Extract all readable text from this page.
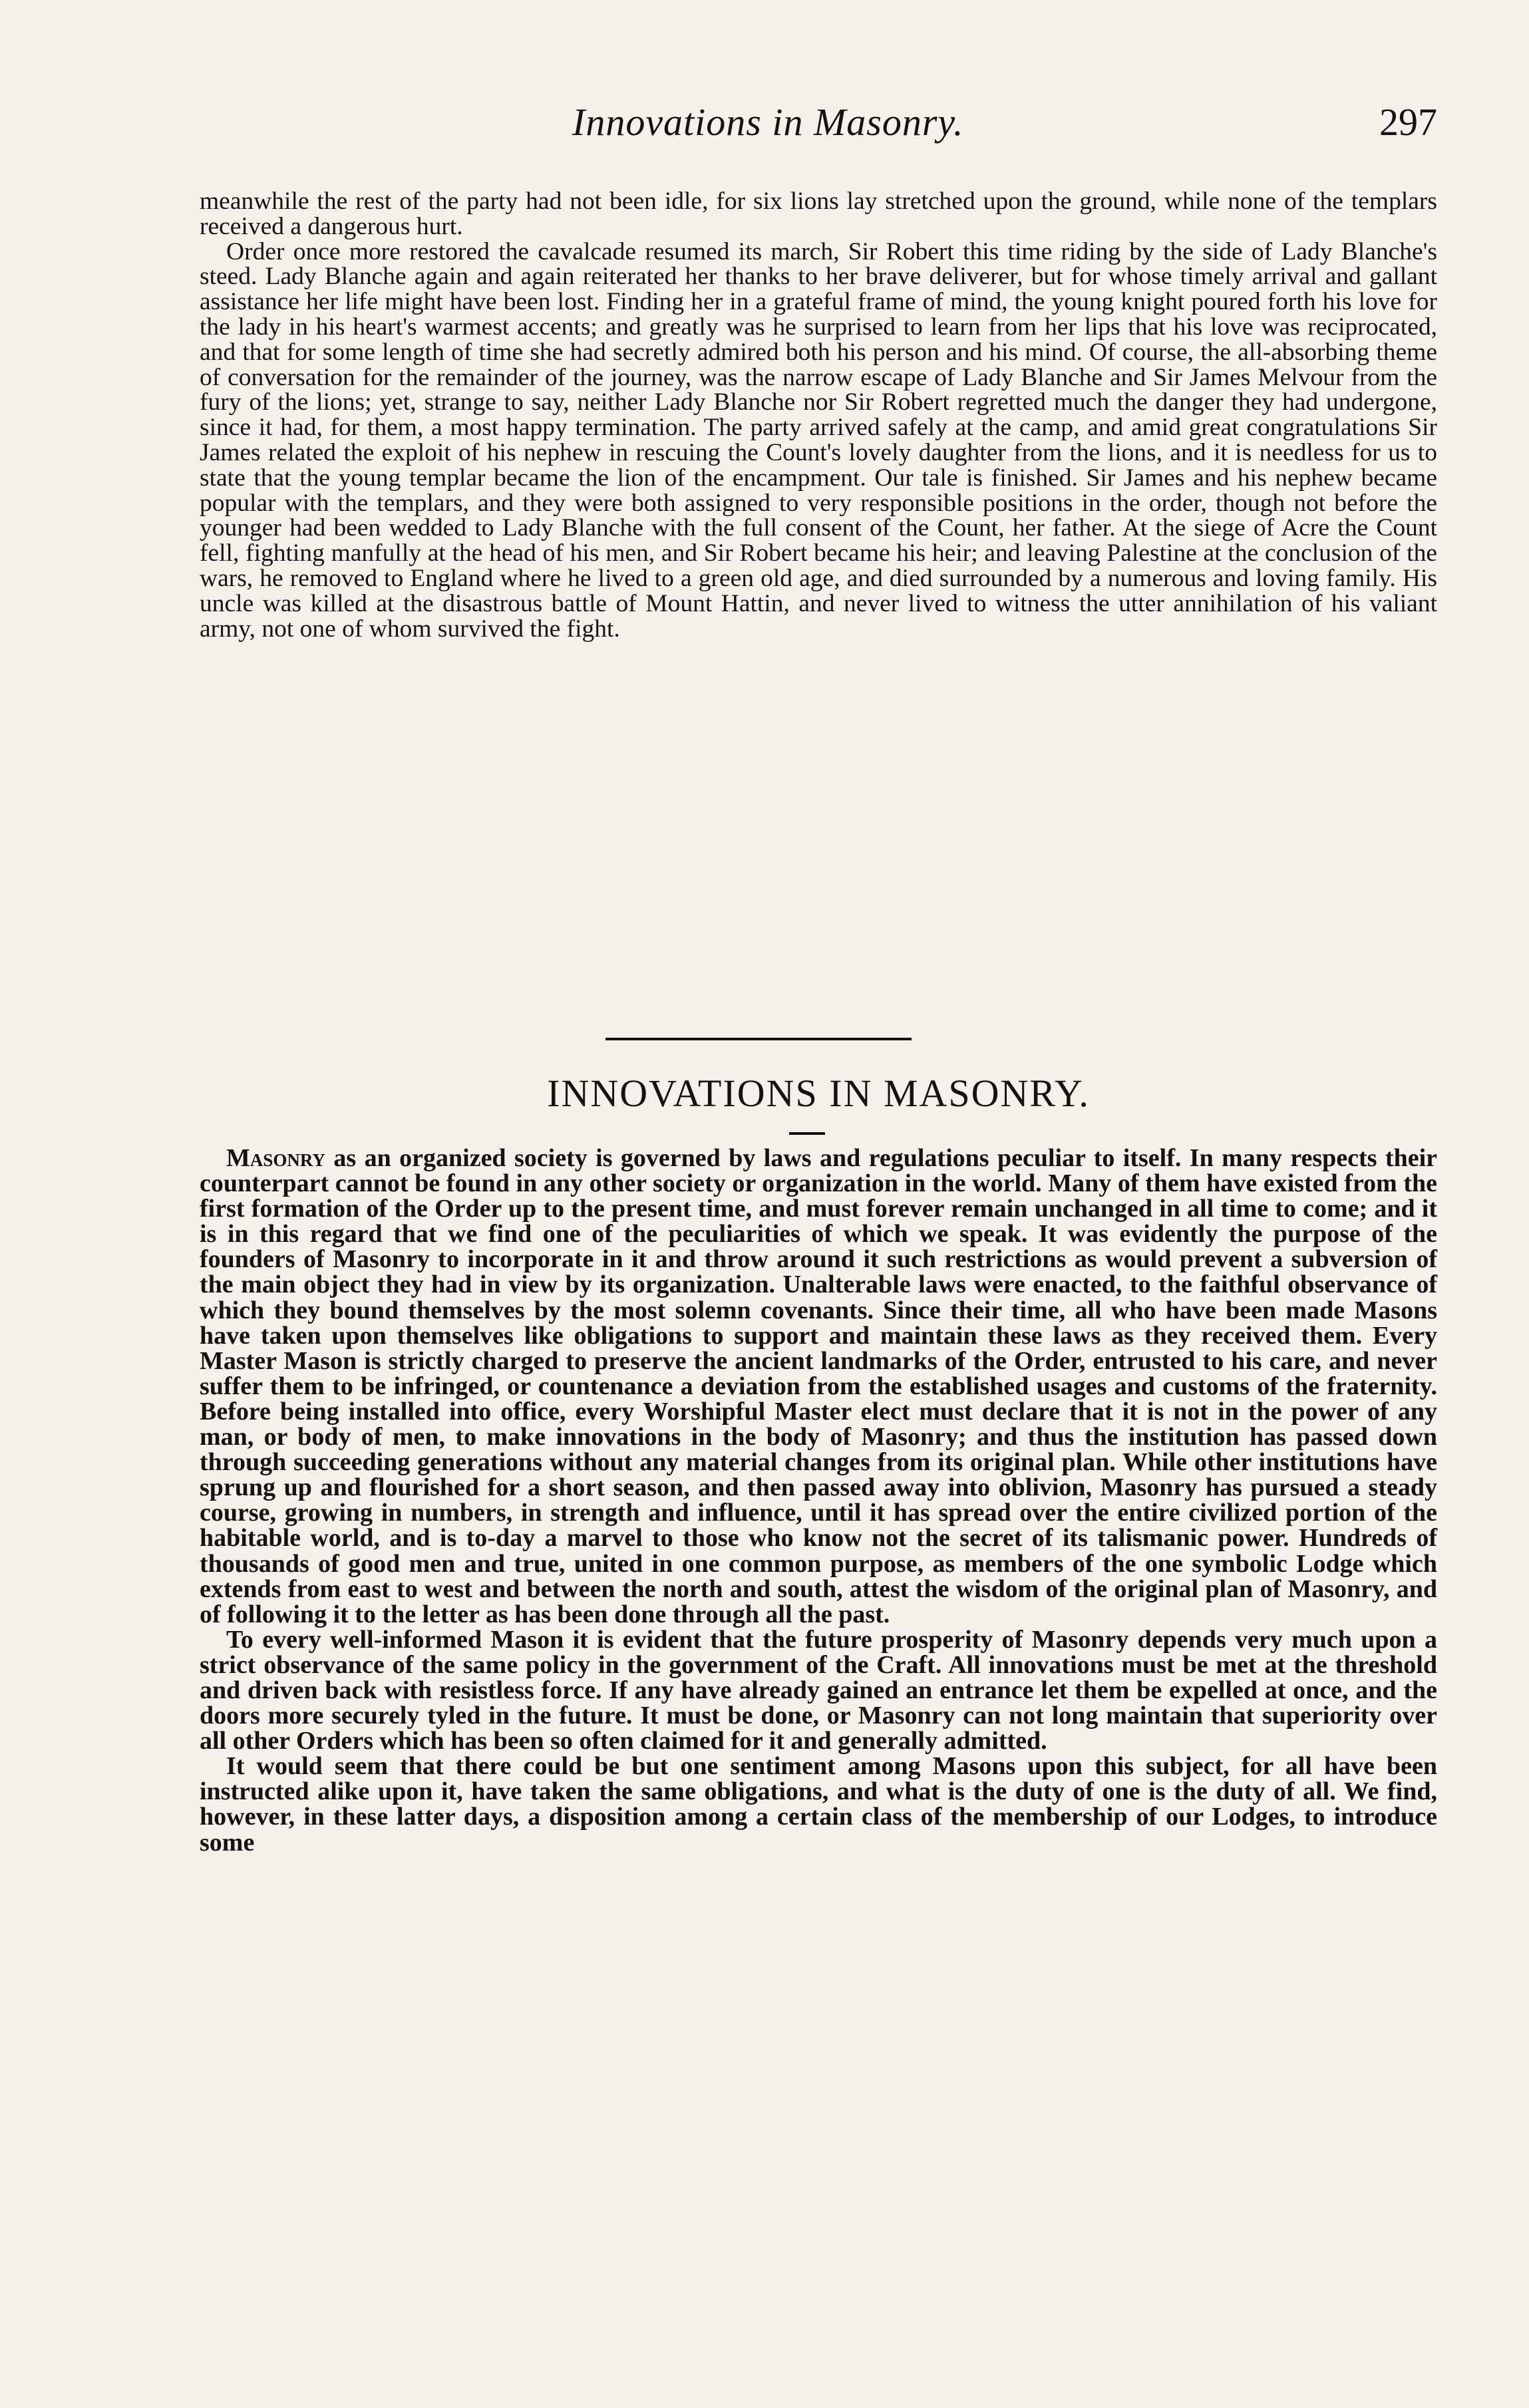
Innovations in Masonry.	297

meanwhile the rest of the party had not been idle, for six lions lay stretched upon the ground, while none of the templars received a dangerous hurt.

Order once more restored the cavalcade resumed its march, Sir Robert this time riding by the side of Lady Blanche's steed. Lady Blanche again and again reiterated her thanks to her brave deliverer, but for whose timely arrival and gallant assistance her life might have been lost. Finding her in a grateful frame of mind, the young knight poured forth his love for the lady in his heart's warmest accents; and greatly was he surprised to learn from her lips that his love was reciprocated, and that for some length of time she had secretly admired both his person and his mind. Of course, the all-absorbing theme of conversation for the remainder of the journey, was the narrow escape of Lady Blanche and Sir James Melvour from the fury of the lions; yet, strange to say, neither Lady Blanche nor Sir Robert regretted much the danger they had undergone, since it had, for them, a most happy termination. The party arrived safely at the camp, and amid great congratulations Sir James related the exploit of his nephew in rescuing the Count's lovely daughter from the lions, and it is needless for us to state that the young templar became the lion of the encampment. Our tale is finished. Sir James and his nephew became popular with the templars, and they were both assigned to very responsible positions in the order, though not before the younger had been wedded to Lady Blanche with the full consent of the Count, her father. At the siege of Acre the Count fell, fighting manfully at the head of his men, and Sir Robert became his heir; and leaving Palestine at the conclusion of the wars, he removed to England where he lived to a green old age, and died surrounded by a numerous and loving family. His uncle was killed at the disastrous battle of Mount Hattin, and never lived to witness the utter annihilation of his valiant army, not one of whom survived the fight.

INNOVATIONS IN MASONRY.

Masonry as an organized society is governed by laws and regulations peculiar to itself. In many respects their counterpart cannot be found in any other society or organization in the world. Many of them have existed from the first formation of the Order up to the present time, and must forever remain unchanged in all time to come; and it is in this regard that we find one of the peculiarities of which we speak. It was evidently the purpose of the founders of Masonry to incorporate in it and throw around it such restrictions as would prevent a subversion of the main object they had in view by its organization. Unalterable laws were enacted, to the faithful observance of which they bound themselves by the most solemn covenants. Since their time, all who have been made Masons have taken upon themselves like obligations to support and maintain these laws as they received them. Every Master Mason is strictly charged to preserve the ancient landmarks of the Order, entrusted to his care, and never suffer them to be infringed, or countenance a deviation from the established usages and customs of the fraternity. Before being installed into office, every Worshipful Master elect must declare that it is not in the power of any man, or body of men, to make innovations in the body of Masonry; and thus the institution has passed down through succeeding generations without any material changes from its original plan. While other institutions have sprung up and flourished for a short season, and then passed away into oblivion, Masonry has pursued a steady course, growing in numbers, in strength and influence, until it has spread over the entire civilized portion of the habitable world, and is to-day a marvel to those who know not the secret of its talismanic power. Hundreds of thousands of good men and true, united in one common purpose, as members of the one symbolic Lodge which extends from east to west and between the north and south, attest the wisdom of the original plan of Masonry, and of following it to the letter as has been done through all the past.

To every well-informed Mason it is evident that the future prosperity of Masonry depends very much upon a strict observance of the same policy in the government of the Craft. All innovations must be met at the threshold and driven back with resistless force. If any have already gained an entrance let them be expelled at once, and the doors more securely tyled in the future. It must be done, or Masonry can not long maintain that superiority over all other Orders which has been so often claimed for it and generally admitted.

It would seem that there could be but one sentiment among Masons upon this subject, for all have been instructed alike upon it, have taken the same obligations, and what is the duty of one is the duty of all. We find, however, in these latter days, a disposition among a certain class of the membership of our Lodges, to introduce some
